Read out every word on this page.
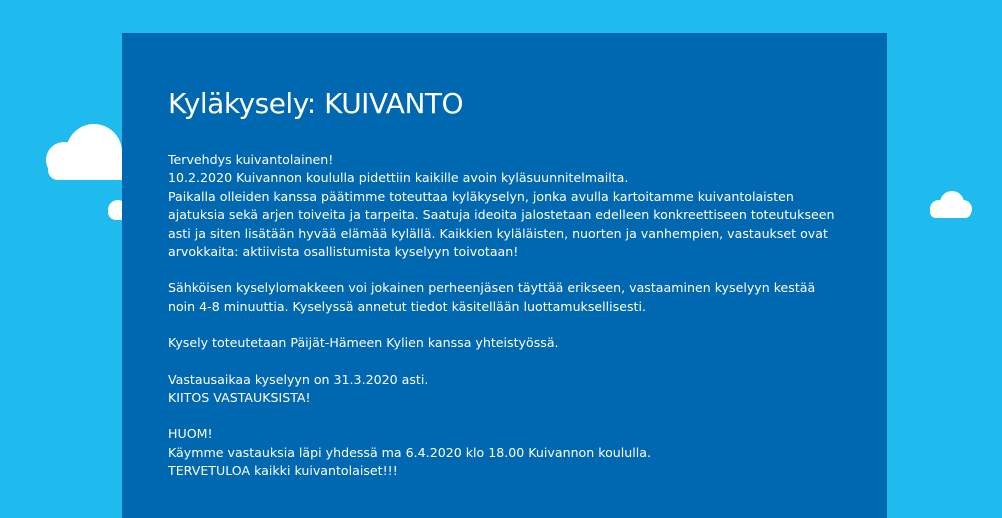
Kyläkysely: KUIVANTO
Tervehdys kuivantolainen!
10.2.2020 Kuivannon koululla pidettiin kaikille avoin kyläsuunnitelmailta.
Paikalla olleiden kanssa päätimme toteuttaa kyläkyselyn, jonka avulla kartoitamme kuivantolaisten ajatuksia sekä arjen toiveita ja tarpeita. Saatuja ideoita jalostetaan edelleen konkreettiseen toteutukseen asti ja siten lisätään hyvää elämää kylällä. Kaikkien kyläläisten, nuorten ja vanhempien, vastaukset ovat arvokkaita: aktiivista osallistumista kyselyyn toivotaan!
Sähköisen kyselylomakkeen voi jokainen perheenjäsen täyttää erikseen, vastaaminen kyselyyn kestää noin 4-8 minuuttia. Kyselyssä annetut tiedot käsitellään luottamuksellisesti.
Kysely toteutetaan Päijät-Hämeen Kylien kanssa yhteistyössä.
Vastausaikaa kyselyyn on 31.3.2020 asti.
KIITOS VASTAUKSISTA!
HUOM!
Käymme vastauksia läpi yhdessä ma 6.4.2020 klo 18.00 Kuivannon koululla.
TERVETULOA kaikki kuivantolaiset!!!
